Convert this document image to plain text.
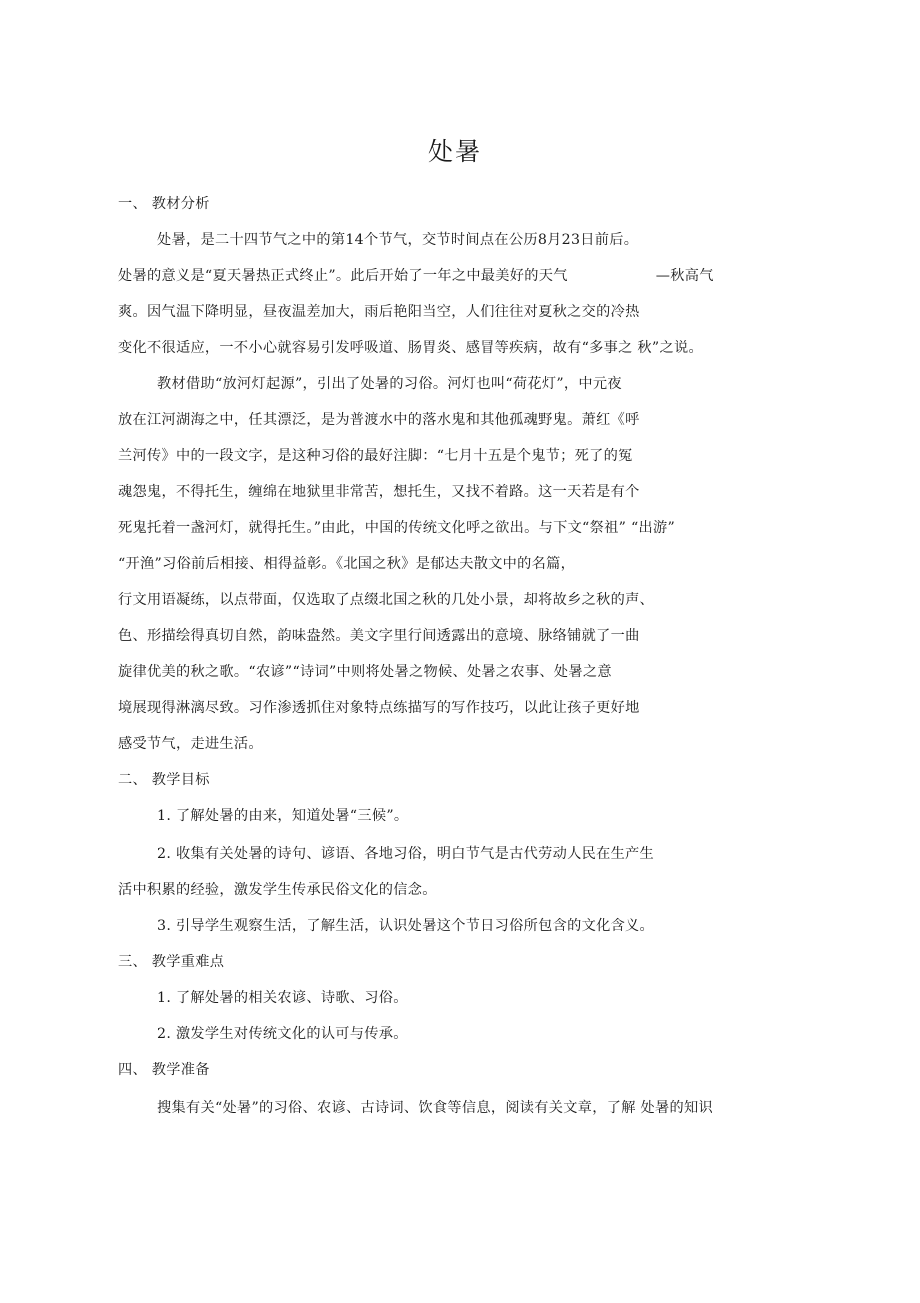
处暑
一、 教材分析
处暑，是二十四节气之中的第14个节气，交节时间点在公历8月23日前后。
处暑的意义是“夏天暑热正式终止”。此后开始了一年之中最美好的天气	—秋高气
爽。因气温下降明显，昼夜温差加大，雨后艳阳当空，人们往往对夏秋之交的冷热
变化不很适应，一不小心就容易引发呼吸道、肠胃炎、感冒等疾病，故有“多事之 秋”之说。
教材借助“放河灯起源”，引出了处暑的习俗。河灯也叫“荷花灯”，中元夜
放在江河湖海之中，任其漂泛，是为普渡水中的落水鬼和其他孤魂野鬼。萧红《呼
兰河传》中的一段文字，是这种习俗的最好注脚：“七月十五是个鬼节；死了的冤
魂怨鬼，不得托生，缠绵在地狱里非常苦，想托生，又找不着路。这一天若是有个
死鬼托着一盏河灯，就得托生。”由此，中国的传统文化呼之欲出。与下文“祭祖” “出游”
“开渔”习俗前后相接、相得益彰。《北国之秋》是郁达夫散文中的名篇，
行文用语凝练，以点带面，仅选取了点缀北国之秋的几处小景，却将故乡之秋的声、
色、形描绘得真切自然，韵味盎然。美文字里行间透露出的意境、脉络铺就了一曲
旋律优美的秋之歌。“农谚”“诗词”中则将处暑之物候、处暑之农事、处暑之意
境展现得淋漓尽致。习作渗透抓住对象特点练描写的写作技巧，以此让孩子更好地
感受节气，走进生活。
二、 教学目标
1. 了解处暑的由来，知道处暑“三候”。
2. 收集有关处暑的诗句、谚语、各地习俗，明白节气是古代劳动人民在生产生
活中积累的经验，激发学生传承民俗文化的信念。
3. 引导学生观察生活，了解生活，认识处暑这个节日习俗所包含的文化含义。
三、 教学重难点
1. 了解处暑的相关农谚、诗歌、习俗。
2. 激发学生对传统文化的认可与传承。
四、 教学准备
搜集有关“处暑”的习俗、农谚、古诗词、饮食等信息，阅读有关文章，了解 处暑的知识
